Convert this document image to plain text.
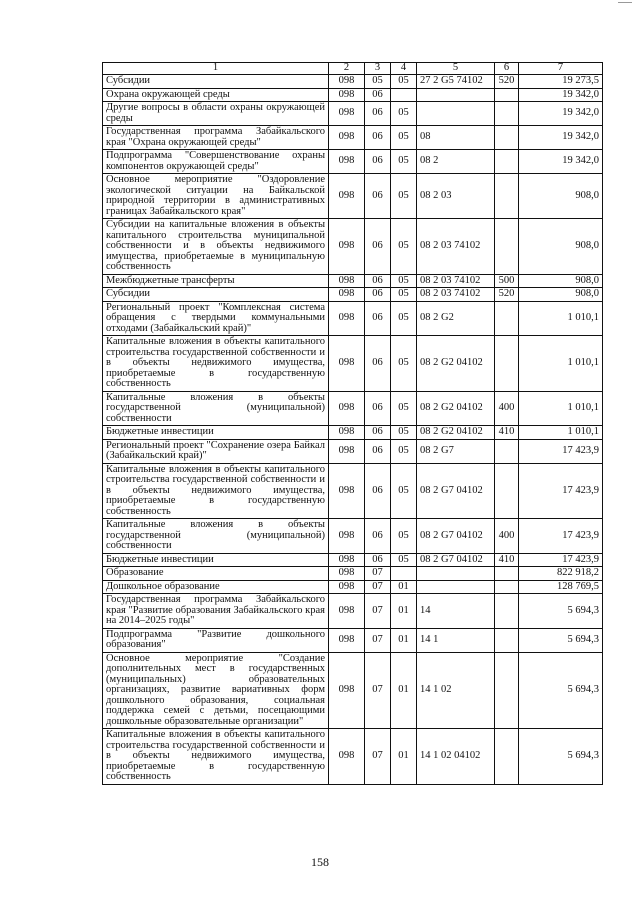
1	2	3	4	5	6	7
Субсидии	098	05	05	27 2 G5 74102	520	19 273,5
Охрана окружающей среды	098	06				19 342,0
Другие вопросы в области охраны окружающей среды	098	06	05			19 342,0
Государственная программа Забайкальского края "Охрана окружающей среды"	098	06	05	08		19 342,0
Подпрограмма "Совершенствование охраны компонентов окружающей среды"	098	06	05	08 2		19 342,0
Основное мероприятие "Оздоровление экологической ситуации на Байкальской природной территории в административных границах Забайкальского края"	098	06	05	08 2 03		908,0
Субсидии на капитальные вложения в объекты капитального строительства муниципальной собственности и в объекты недвижимого имущества, приобретаемые в муниципальную собственность	098	06	05	08 2 03 74102		908,0
Межбюджетные трансферты	098	06	05	08 2 03 74102	500	908,0
Субсидии	098	06	05	08 2 03 74102	520	908,0
Региональный проект "Комплексная система обращения с твердыми коммунальными отходами (Забайкальский край)"	098	06	05	08 2 G2		1 010,1
Капитальные вложения в объекты капитального строительства государственной собственности и в объекты недвижимого имущества, приобретаемые в государственную собственность	098	06	05	08 2 G2 04102		1 010,1
Капитальные вложения в объекты государственной (муниципальной) собственности	098	06	05	08 2 G2 04102	400	1 010,1
Бюджетные инвестиции	098	06	05	08 2 G2 04102	410	1 010,1
Региональный проект "Сохранение озера Байкал (Забайкальский край)"	098	06	05	08 2 G7		17 423,9
Капитальные вложения в объекты капитального строительства государственной собственности и в объекты недвижимого имущества, приобретаемые в государственную собственность	098	06	05	08 2 G7 04102		17 423,9
Капитальные вложения в объекты государственной (муниципальной) собственности	098	06	05	08 2 G7 04102	400	17 423,9
Бюджетные инвестиции	098	06	05	08 2 G7 04102	410	17 423,9
Образование	098	07				822 918,2
Дошкольное образование	098	07	01			128 769,5
Государственная программа Забайкальского края "Развитие образования Забайкальского края на 2014–2025 годы"	098	07	01	14		5 694,3
Подпрограмма "Развитие дошкольного образования"	098	07	01	14 1		5 694,3
Основное мероприятие "Создание дополнительных мест в государственных (муниципальных) образовательных организациях, развитие вариативных форм дошкольного образования, социальная поддержка семей с детьми, посещающими дошкольные образовательные организации"	098	07	01	14 1 02		5 694,3
Капитальные вложения в объекты капитального строительства государственной собственности и в объекты недвижимого имущества, приобретаемые в государственную собственность	098	07	01	14 1 02 04102		5 694,3
158
